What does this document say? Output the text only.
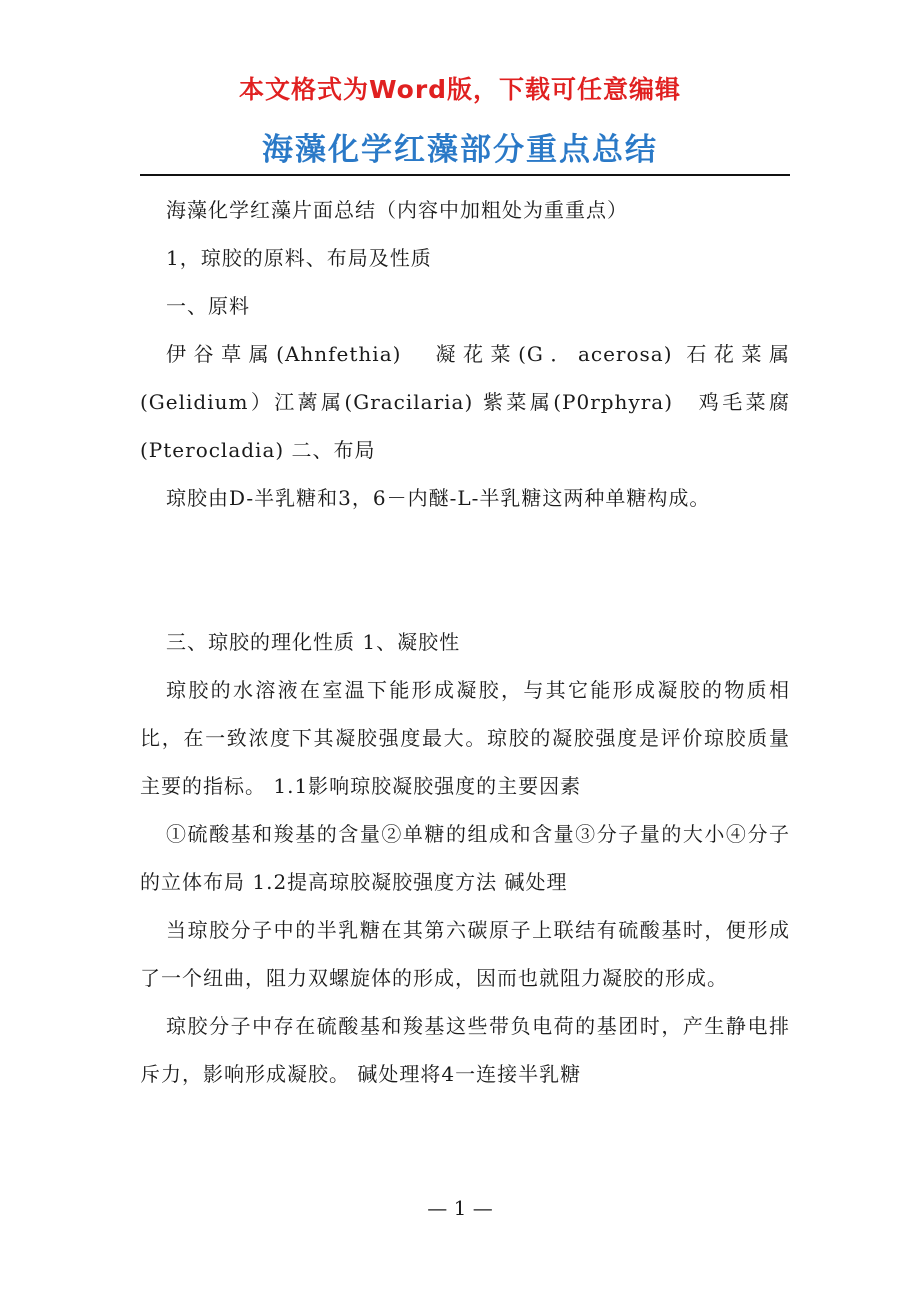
本文格式为Word版，下载可任意编辑
海藻化学红藻部分重点总结

海藻化学红藻片面总结（内容中加粗处为重重点）

1，琼胶的原料、布局及性质

一、原料

伊谷草属(Ahnfethia)　凝花菜(G．acerosa) 石花菜属(Gelidium）江蓠属(Gracilaria) 紫菜属(P0rphyra)　鸡毛菜腐(Pterocladia) 二、布局

琼胶由D-半乳糖和3，6－内醚-L-半乳糖这两种单糖构成。

三、琼胶的理化性质 1、凝胶性

琼胶的水溶液在室温下能形成凝胶，与其它能形成凝胶的物质相比，在一致浓度下其凝胶强度最大。琼胶的凝胶强度是评价琼胶质量主要的指标。 1.1影响琼胶凝胶强度的主要因素

①硫酸基和羧基的含量②单糖的组成和含量③分子量的大小④分子的立体布局 1.2提高琼胶凝胶强度方法 碱处理

当琼胶分子中的半乳糖在其第六碳原子上联结有硫酸基时，便形成了一个纽曲，阻力双螺旋体的形成，因而也就阻力凝胶的形成。

琼胶分子中存在硫酸基和羧基这些带负电荷的基团时，产生静电排斥力，影响形成凝胶。 碱处理将4一连接半乳糖

— 1 —
